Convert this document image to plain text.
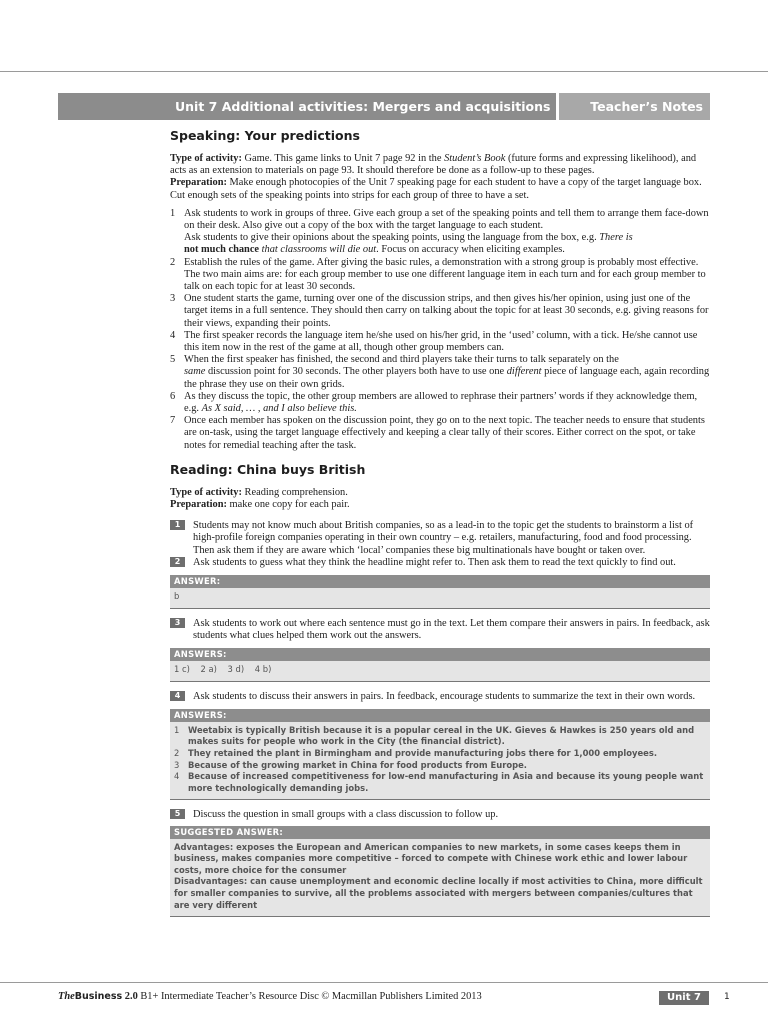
Unit 7 Additional activities: Mergers and acquisitions	Teacher’s Notes
Speaking: Your predictions

Type of activity: Game. This game links to Unit 7 page 92 in the Student’s Book (future forms and expressing likelihood), and acts as an extension to materials on page 93. It should therefore be done as a follow-up to these pages.

Preparation: Make enough photocopies of the Unit 7 speaking page for each student to have a copy of the target language box. Cut enough sets of the speaking points into strips for each group of three to have a set.

1 Ask students to work in groups of three. Give each group a set of the speaking points and tell them to arrange them face-down on their desk. Also give out a copy of the box with the target language to each student.
Ask students to give their opinions about the speaking points, using the language from the box, e.g. There is
not much chance that classrooms will die out. Focus on accuracy when eliciting examples.
2 Establish the rules of the game. After giving the basic rules, a demonstration with a strong group is probably most effective. The two main aims are: for each group member to use one different language item in each turn and for each group member to talk on each topic for at least 30 seconds.
3 One student starts the game, turning over one of the discussion strips, and then gives his/her opinion, using just one of the target items in a full sentence. They should then carry on talking about the topic for at least 30 seconds, e.g. giving reasons for their views, expanding their points.
4 The first speaker records the language item he/she used on his/her grid, in the ‘used’ column, with a tick. He/she cannot use this item now in the rest of the game at all, though other group members can.
5 When the first speaker has finished, the second and third players take their turns to talk separately on the
same discussion point for 30 seconds. The other players both have to use one different piece of language each, again recording the phrase they use on their own grids.
6 As they discuss the topic, the other group members are allowed to rephrase their partners’ words if they acknowledge them, e.g. As X said, … , and I also believe this.
7 Once each member has spoken on the discussion point, they go on to the next topic. The teacher needs to ensure that students are on-task, using the target language effectively and keeping a clear tally of their scores. Either correct on the spot, or take notes for remedial teaching after the task.
Reading: China buys British

Type of activity: Reading comprehension.

Preparation: make one copy for each pair.

1	Students may not know much about British companies, so as a lead-in to the topic get the students to brainstorm a list of high-profile foreign companies operating in their own country – e.g. retailers, manufacturing, food and food processing. Then ask them if they are aware which ‘local’ companies these big multinationals have bought or taken over.
2	Ask students to guess what they think the headline might refer to. Then ask them to read the text quickly to find out.
ANSWER:
b
3	Ask students to work out where each sentence must go in the text. Let them compare their answers in pairs. In feedback, ask students what clues helped them work out the answers.
ANSWERS:
1 c)    2 a)    3 d)    4 b)
4	Ask students to discuss their answers in pairs. In feedback, encourage students to summarize the text in their own words.
ANSWERS:
1 Weetabix is typically British because it is a popular cereal in the UK. Gieves & Hawkes is 250 years old and makes suits for people who work in the City (the financial district).
2 They retained the plant in Birmingham and provide manufacturing jobs there for 1,000 employees.
3 Because of the growing market in China for food products from Europe.
4 Because of increased competitiveness for low-end manufacturing in Asia and because its young people want more technologically demanding jobs.
5	Discuss the question in small groups with a class discussion to follow up.
SUGGESTED ANSWER:
Advantages: exposes the European and American companies to new markets, in some cases keeps them in business, makes companies more competitive – forced to compete with Chinese work ethic and lower labour costs, more choice for the consumer
Disadvantages: can cause unemployment and economic decline locally if most activities to China, more difficult for smaller companies to survive, all the problems associated with mergers between companies/cultures that are very different
TheBusiness 2.0 B1+ Intermediate Teacher’s Resource Disc © Macmillan Publishers Limited 2013	Unit 7	1
